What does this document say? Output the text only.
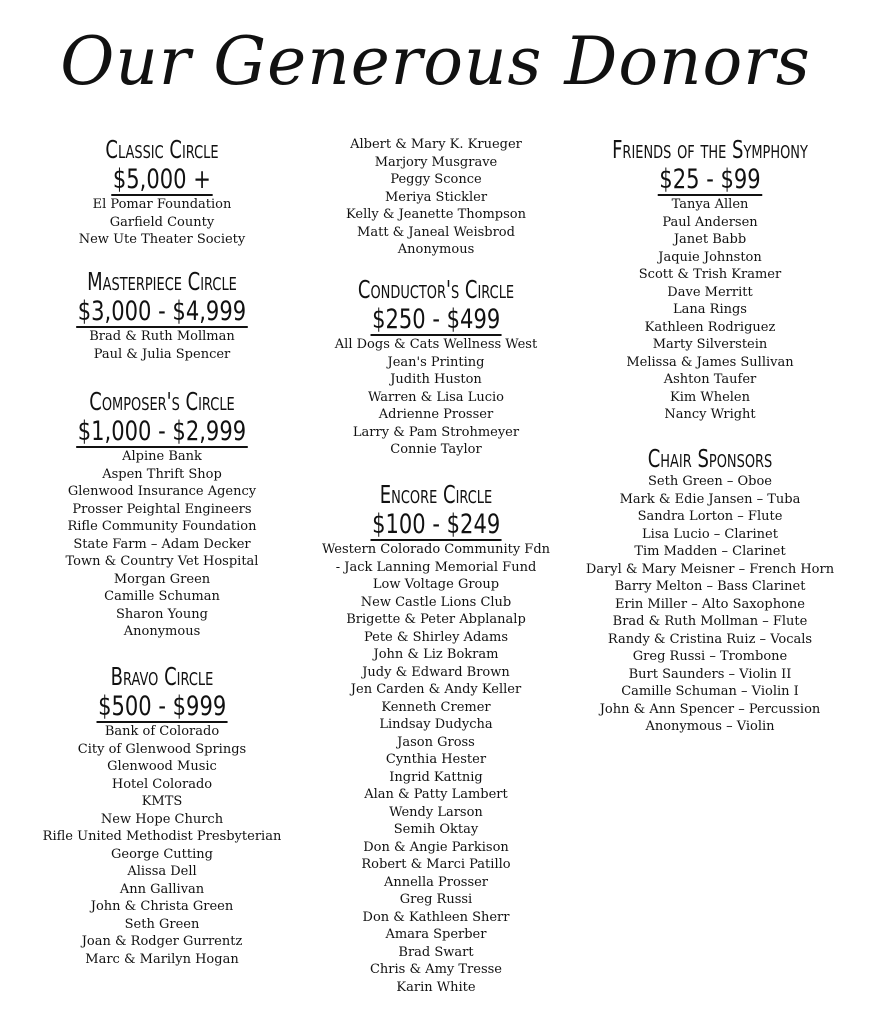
Our Generous Donors
Classic Circle
$5,000 +
El Pomar Foundation
Garfield County
New Ute Theater Society
Masterpiece Circle
$3,000 - $4,999
Brad & Ruth Mollman
Paul & Julia Spencer
Composer's Circle
$1,000 - $2,999
Alpine Bank
Aspen Thrift Shop
Glenwood Insurance Agency
Prosser Peightal Engineers
Rifle Community Foundation
State Farm – Adam Decker
Town & Country Vet Hospital
Morgan Green
Camille Schuman
Sharon Young
Anonymous
Bravo Circle
$500 - $999
Bank of Colorado
City of Glenwood Springs
Glenwood Music
Hotel Colorado
KMTS
New Hope Church
Rifle United Methodist Presbyterian
George Cutting
Alissa Dell
Ann Gallivan
John & Christa Green
Seth Green
Joan & Rodger Gurrentz
Marc & Marilyn Hogan
Albert & Mary K. Krueger
Marjory Musgrave
Peggy Sconce
Meriya Stickler
Kelly & Jeanette Thompson
Matt & Janeal Weisbrod
Anonymous
Conductor's Circle
$250 - $499
All Dogs & Cats Wellness West
Jean's Printing
Judith Huston
Warren & Lisa Lucio
Adrienne Prosser
Larry & Pam Strohmeyer
Connie Taylor
Encore Circle
$100 - $249
Western Colorado Community Fdn
- Jack Lanning Memorial Fund
Low Voltage Group
New Castle Lions Club
Brigette & Peter Abplanalp
Pete & Shirley Adams
John & Liz Bokram
Judy & Edward Brown
Jen Carden & Andy Keller
Kenneth Cremer
Lindsay Dudycha
Jason Gross
Cynthia Hester
Ingrid Kattnig
Alan & Patty Lambert
Wendy Larson
Semih Oktay
Don & Angie Parkison
Robert & Marci Patillo
Annella Prosser
Greg Russi
Don & Kathleen Sherr
Amara Sperber
Brad Swart
Chris & Amy Tresse
Karin White
Friends of the Symphony
$25 - $99
Tanya Allen
Paul Andersen
Janet Babb
Jaquie Johnston
Scott & Trish Kramer
Dave Merritt
Lana Rings
Kathleen Rodriguez
Marty Silverstein
Melissa & James Sullivan
Ashton Taufer
Kim Whelen
Nancy Wright
Chair Sponsors
Seth Green – Oboe
Mark & Edie Jansen – Tuba
Sandra Lorton – Flute
Lisa Lucio – Clarinet
Tim Madden – Clarinet
Daryl & Mary Meisner – French Horn
Barry Melton – Bass Clarinet
Erin Miller – Alto Saxophone
Brad & Ruth Mollman – Flute
Randy & Cristina Ruiz – Vocals
Greg Russi – Trombone
Burt Saunders – Violin II
Camille Schuman – Violin I
John & Ann Spencer – Percussion
Anonymous – Violin
